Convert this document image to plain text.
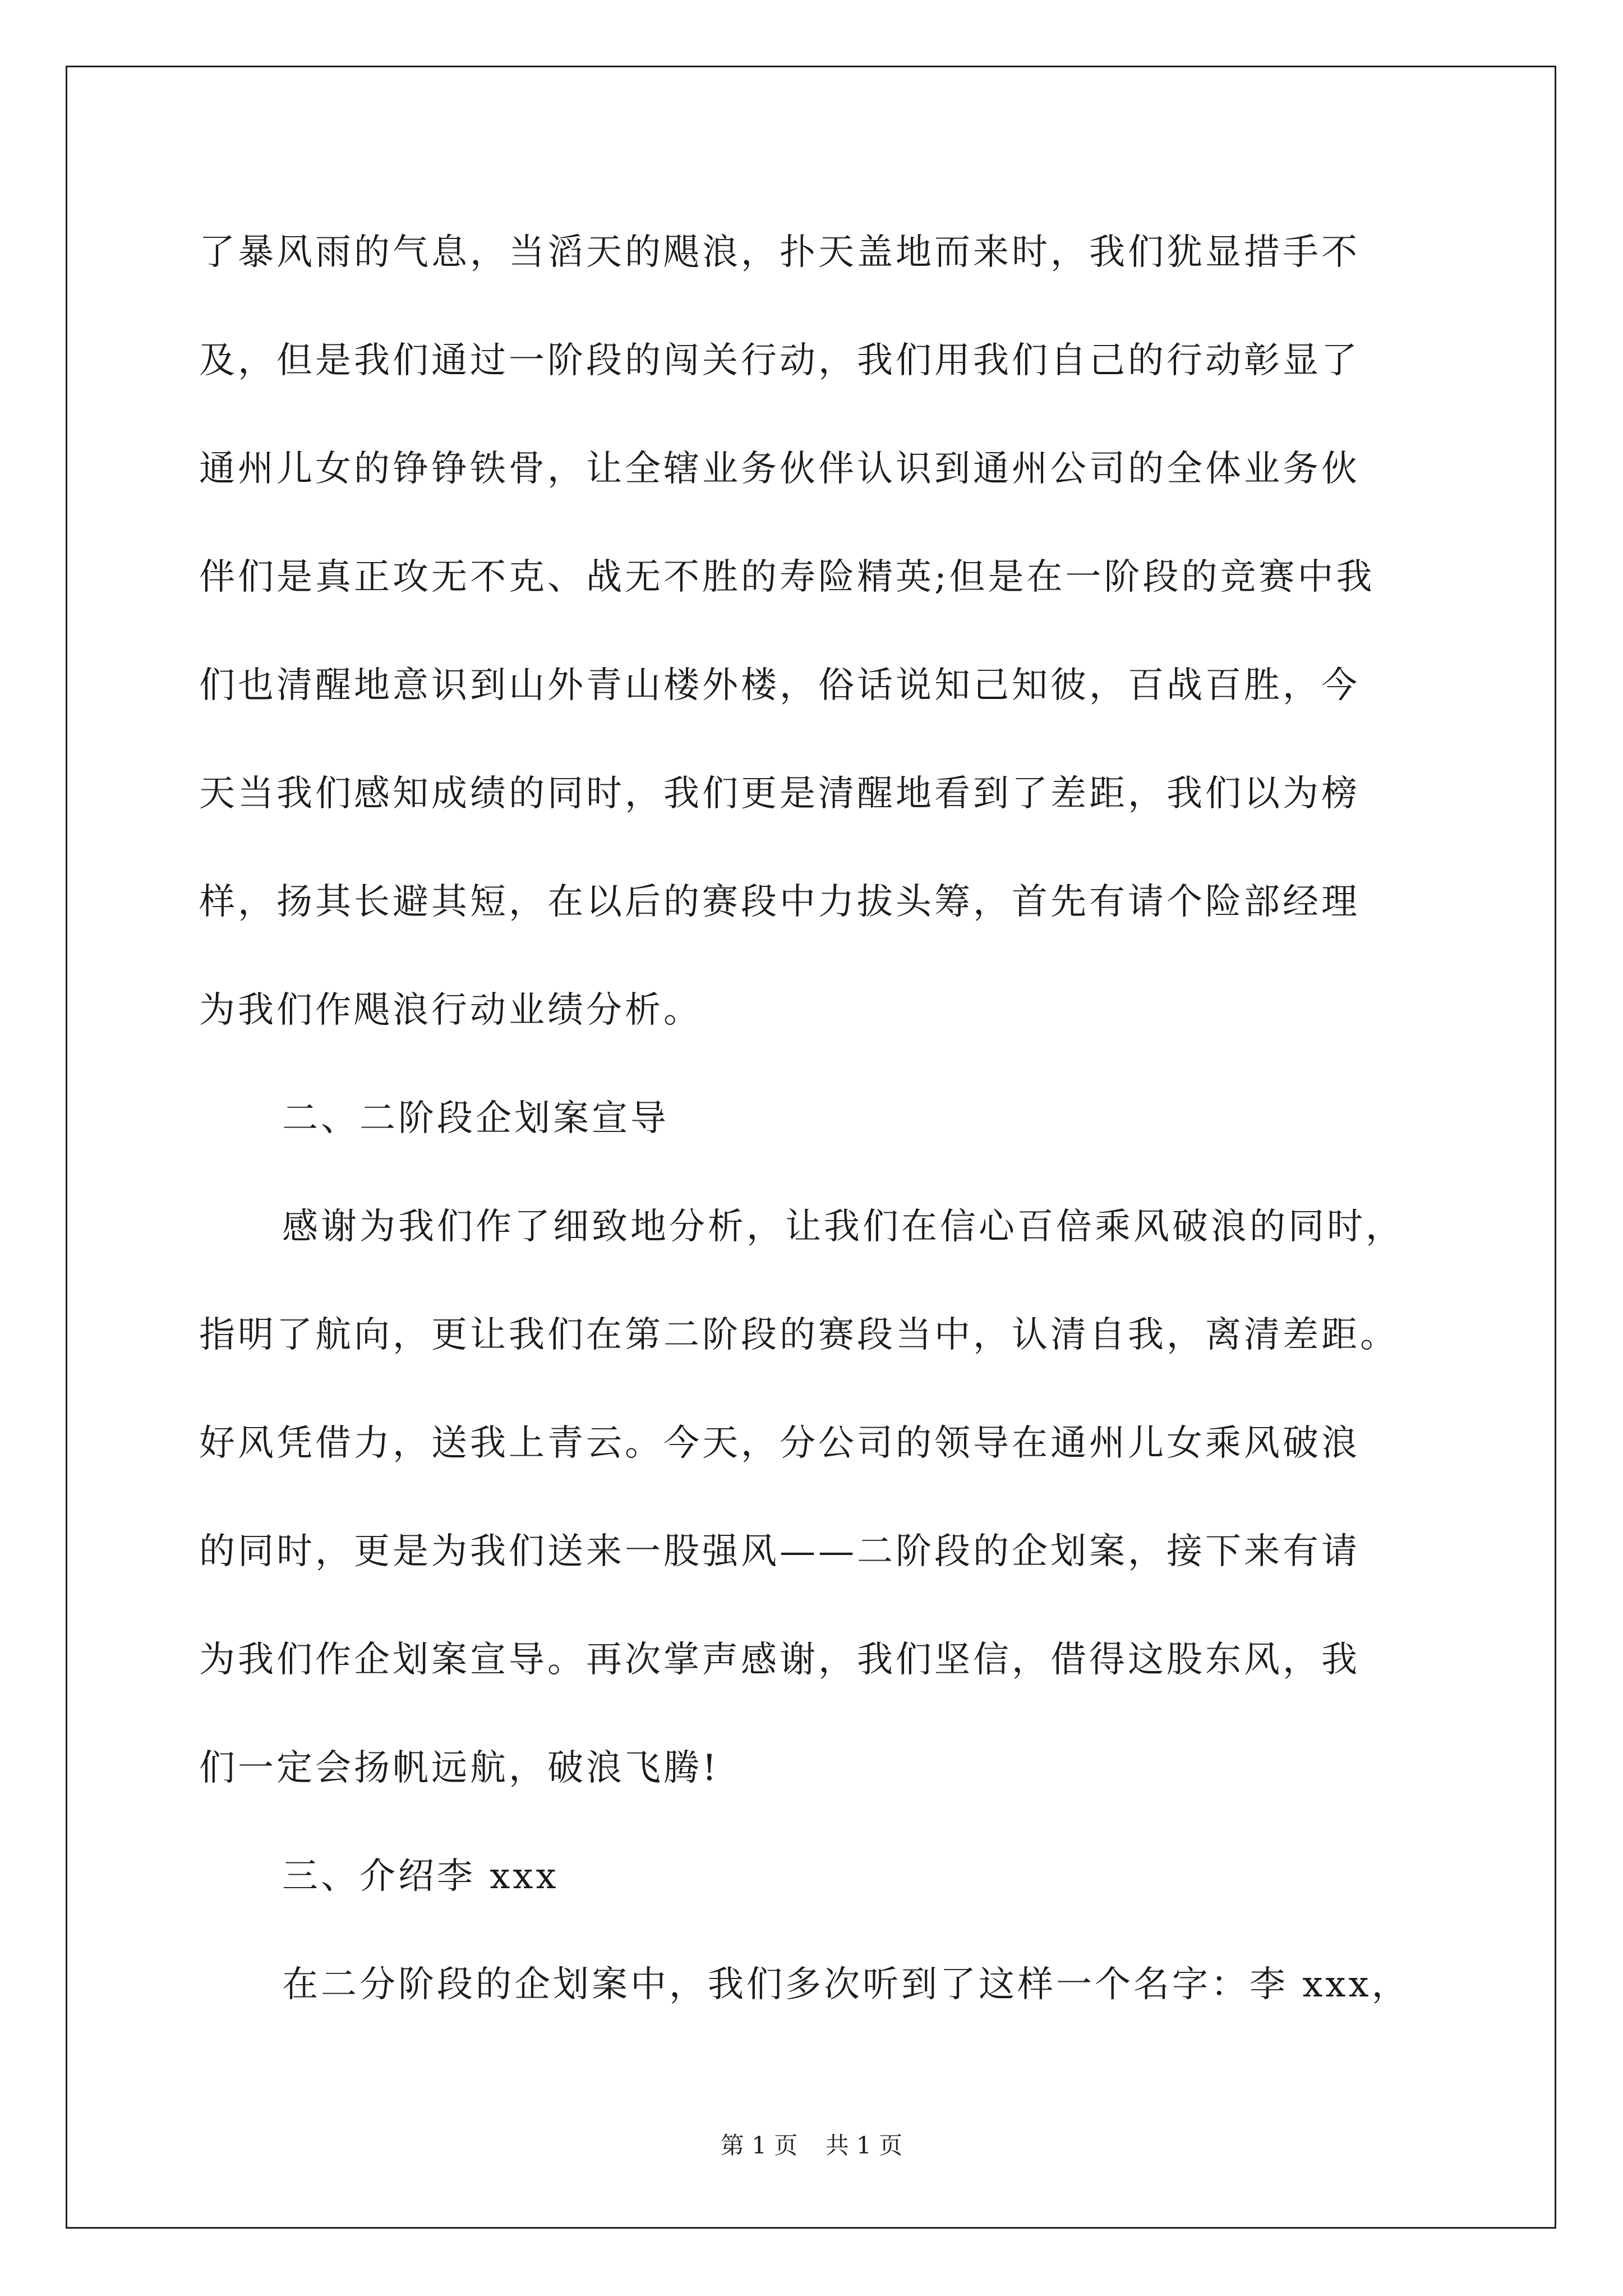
了暴风雨的气息，当滔天的飓浪，扑天盖地而来时，我们犹显措手不
及，但是我们通过一阶段的闯关行动，我们用我们自己的行动彰显了
通州儿女的铮铮铁骨，让全辖业务伙伴认识到通州公司的全体业务伙
伴们是真正攻无不克、战无不胜的寿险精英;但是在一阶段的竞赛中我
们也清醒地意识到山外青山楼外楼，俗话说知己知彼，百战百胜，今
天当我们感知成绩的同时，我们更是清醒地看到了差距，我们以为榜
样，扬其长避其短，在以后的赛段中力拔头筹，首先有请个险部经理
为我们作飓浪行动业绩分析。
二、二阶段企划案宣导
感谢为我们作了细致地分析，让我们在信心百倍乘风破浪的同时，
指明了航向，更让我们在第二阶段的赛段当中，认清自我，离清差距。
好风凭借力，送我上青云。今天，分公司的领导在通州儿女乘风破浪
的同时，更是为我们送来一股强风——二阶段的企划案，接下来有请
为我们作企划案宣导。再次掌声感谢，我们坚信，借得这股东风，我
们一定会扬帆远航，破浪飞腾!
三、介绍李 xxx
在二分阶段的企划案中，我们多次听到了这样一个名字：李 xxx，
第 1 页 共 1 页
